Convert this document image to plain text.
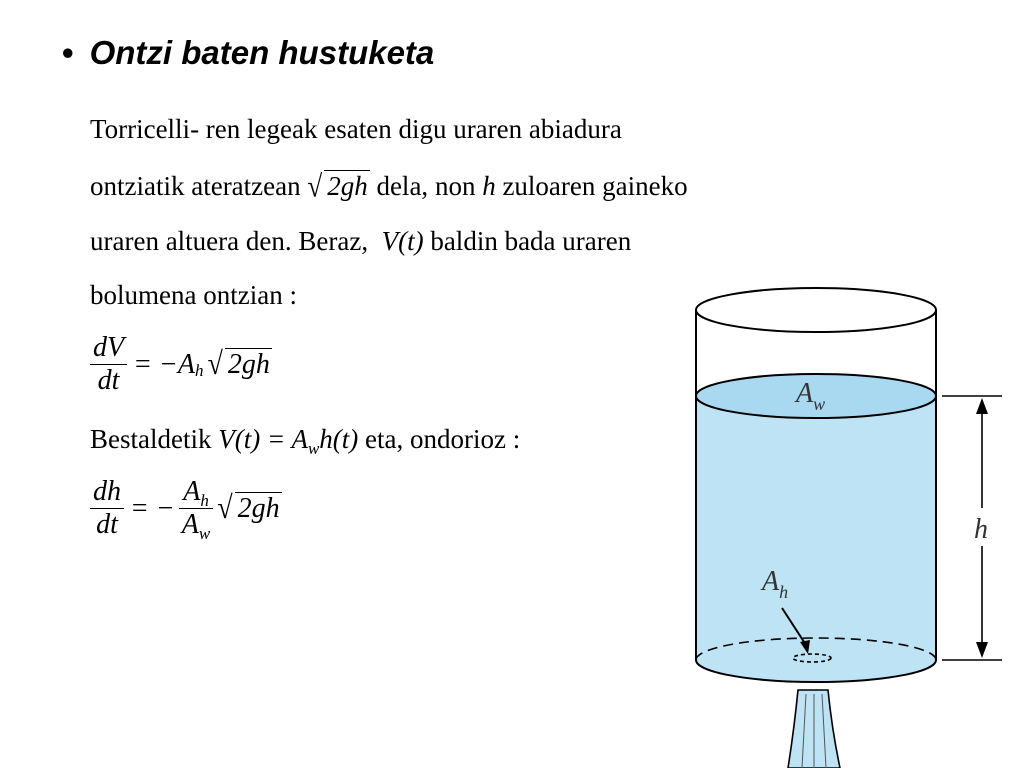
• Ontzi baten hustuketa
Torricelli- ren legeak esaten digu uraren abiadura
ontziatik ateratzean √ 2gh dela, non h zuloaren gaineko
uraren altuera den. Beraz, V(t) baldin bada uraren
bolumena ontzian :
$\frac{dV}{dt} = -A$ h √ 2gh
Bestaldetik $V(t) = A_wh(t)$ eta, ondorioz :
$\frac{dh}{dt}$ = − $\frac{A_h}{A_w}$ √ 2gh
$A_w$
h
$A_h$
